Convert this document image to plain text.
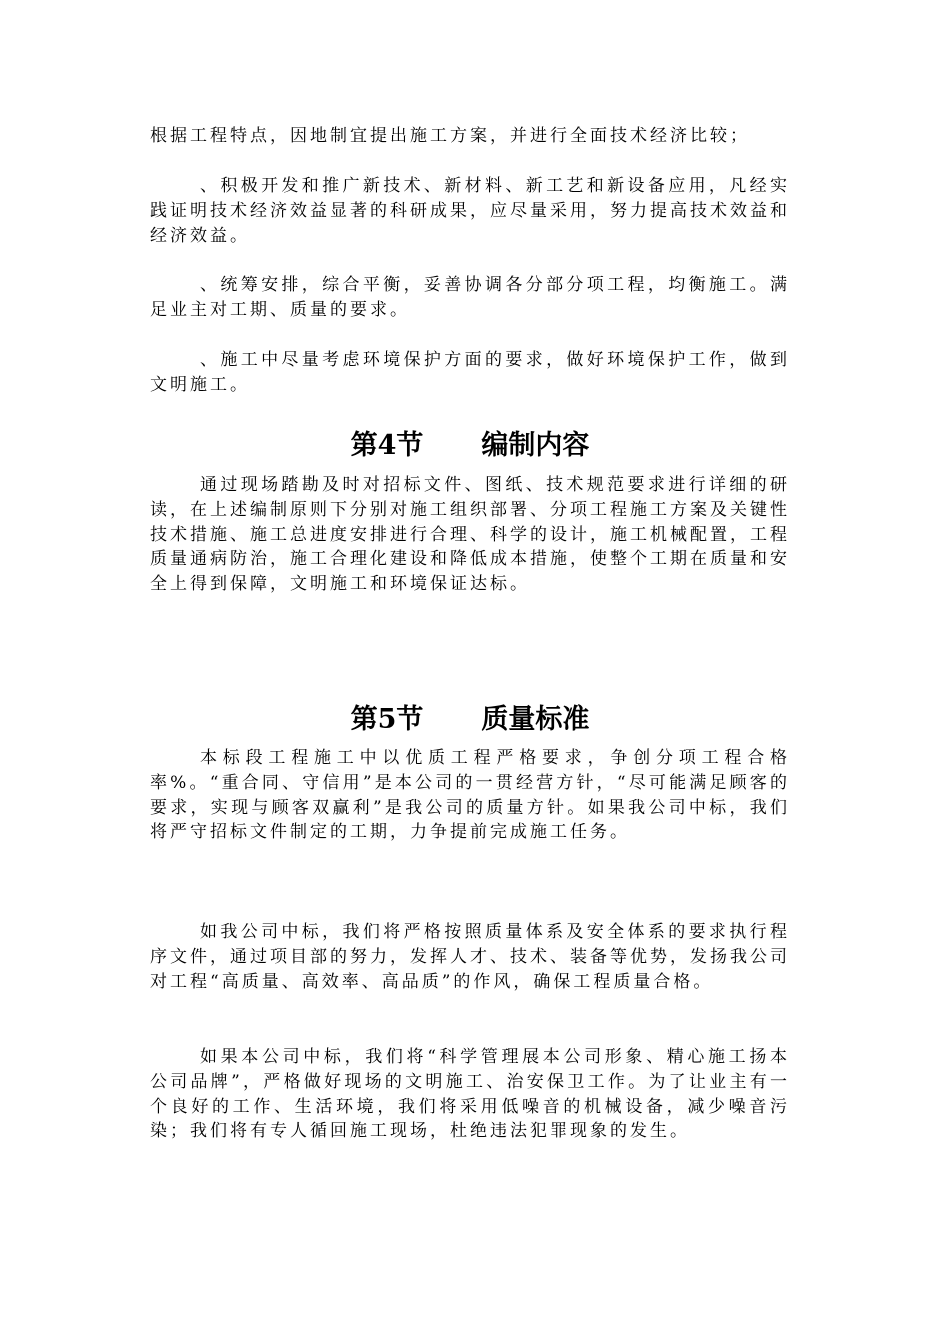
根据工程特点，因地制宜提出施工方案，并进行全面技术经济比较；

、积极开发和推广新技术、新材料、新工艺和新设备应用，凡经实践证明技术经济效益显著的科研成果，应尽量采用，努力提高技术效益和经济效益。

、统筹安排，综合平衡，妥善协调各分部分项工程，均衡施工。满足业主对工期、质量的要求。

、施工中尽量考虑环境保护方面的要求，做好环境保护工作，做到文明施工。

第4节 编制内容

通过现场踏勘及时对招标文件、图纸、技术规范要求进行详细的研读，在上述编制原则下分别对施工组织部署、分项工程施工方案及关键性技术措施、施工总进度安排进行合理、科学的设计，施工机械配置，工程质量通病防治，施工合理化建设和降低成本措施，使整个工期在质量和安全上得到保障，文明施工和环境保证达标。

第5节 质量标准

本标段工程施工中以优质工程严格要求，争创分项工程合格率%。“重合同、守信用”是本公司的一贯经营方针，“尽可能满足顾客的要求，实现与顾客双赢利”是我公司的质量方针。如果我公司中标，我们将严守招标文件制定的工期，力争提前完成施工任务。

如我公司中标，我们将严格按照质量体系及安全体系的要求执行程序文件，通过项目部的努力，发挥人才、技术、装备等优势，发扬我公司对工程“高质量、高效率、高品质”的作风，确保工程质量合格。

如果本公司中标，我们将“科学管理展本公司形象、精心施工扬本公司品牌”，严格做好现场的文明施工、治安保卫工作。为了让业主有一个良好的工作、生活环境，我们将采用低噪音的机械设备，减少噪音污染；我们将有专人循回施工现场，杜绝违法犯罪现象的发生。
